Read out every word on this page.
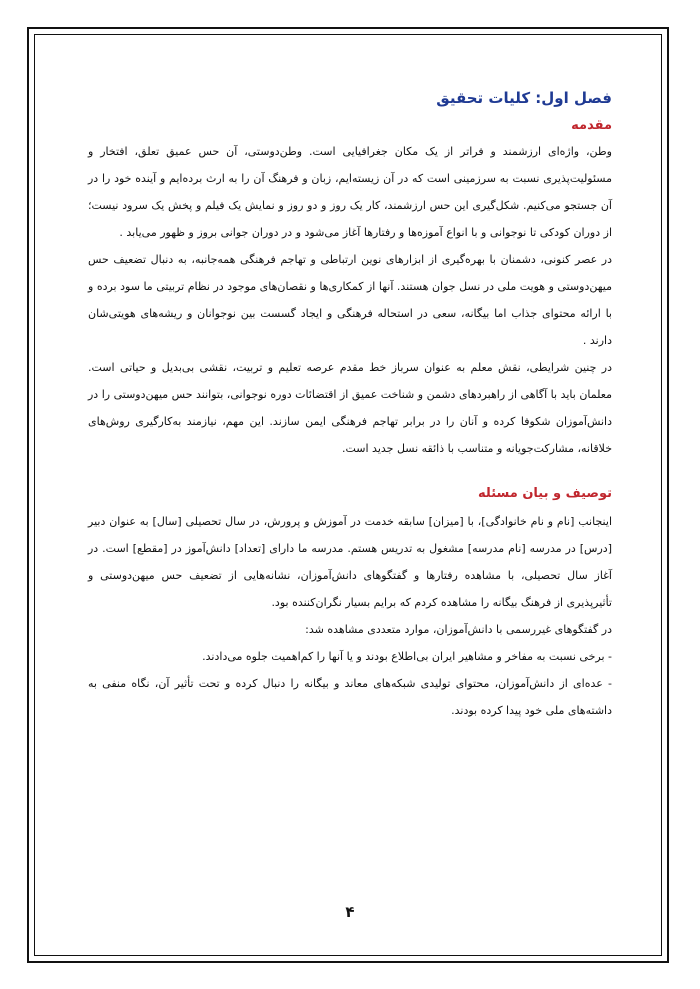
فصل اول: کلیات تحقیق
مقدمه

وطن، واژه‌ای ارزشمند و فراتر از یک مکان جغرافیایی است. وطن‌دوستی، آن حس عمیق تعلق، افتخار و مسئولیت‌پذیری نسبت به سرزمینی است که در آن زیسته‌ایم، زبان و فرهنگ آن را به ارث برده‌ایم و آینده خود را در آن جستجو می‌کنیم. شکل‌گیری این حس ارزشمند، کار یک روز و دو روز و نمایش یک فیلم و پخش یک سرود نیست؛ از دوران کودکی تا نوجوانی و با انواع آموزه‌ها و رفتارها آغاز می‌شود و در دوران جوانی بروز و ظهور می‌یابد .

در عصر کنونی، دشمنان با بهره‌گیری از ابزارهای نوین ارتباطی و تهاجم فرهنگی همه‌جانبه، به دنبال تضعیف حس میهن‌دوستی و هویت ملی در نسل جوان هستند. آنها از کمکاری‌ها و نقصان‌های موجود در نظام تربیتی ما سود برده و با ارائه محتوای جذاب اما بیگانه، سعی در استحاله فرهنگی و ایجاد گسست بین نوجوانان و ریشه‌های هویتی‌شان دارند .

در چنین شرایطی، نقش معلم به عنوان سرباز خط مقدم عرصه تعلیم و تربیت، نقشی بی‌بدیل و حیاتی است. معلمان باید با آگاهی از راهبردهای دشمن و شناخت عمیق از اقتضائات دوره نوجوانی، بتوانند حس میهن‌دوستی را در دانش‌آموزان شکوفا کرده و آنان را در برابر تهاجم فرهنگی ایمن سازند. این مهم، نیازمند به‌کارگیری روش‌های خلاقانه، مشارکت‌جویانه و متناسب با ذائقه نسل جدید است.

توصیف و بیان مسئله

اینجانب [نام و نام خانوادگی]، با [میزان] سابقه خدمت در آموزش و پرورش، در سال تحصیلی [سال] به عنوان دبیر [درس] در مدرسه [نام مدرسه] مشغول به تدریس هستم. مدرسه ما دارای [تعداد] دانش‌آموز در [مقطع] است. در آغاز سال تحصیلی، با مشاهده رفتارها و گفتگوهای دانش‌آموزان، نشانه‌هایی از تضعیف حس میهن‌دوستی و تأثیرپذیری از فرهنگ بیگانه را مشاهده کردم که برایم بسیار نگران‌کننده بود.

در گفتگوهای غیررسمی با دانش‌آموزان، موارد متعددی مشاهده شد:

- برخی نسبت به مفاخر و مشاهیر ایران بی‌اطلاع بودند و یا آنها را کم‌اهمیت جلوه می‌دادند.

- عده‌ای از دانش‌آموزان، محتوای تولیدی شبکه‌های معاند و بیگانه را دنبال کرده و تحت تأثیر آن، نگاه منفی به داشته‌های ملی خود پیدا کرده بودند.

۴
